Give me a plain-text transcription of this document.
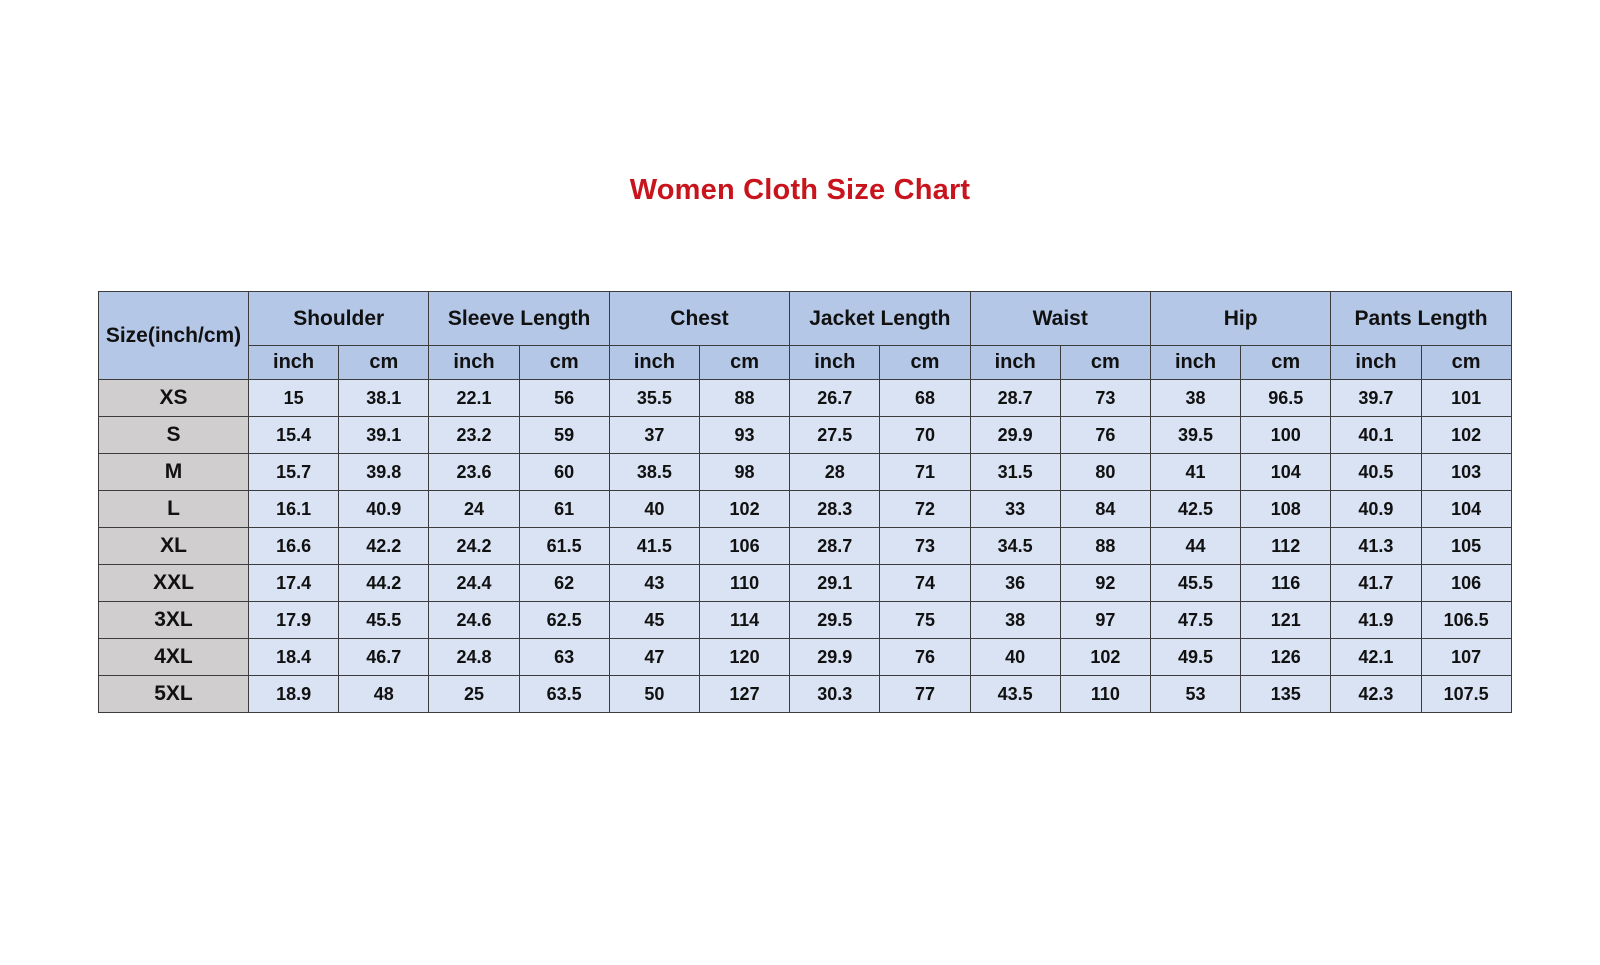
Women Cloth Size Chart
Size(inch/cm)	Shoulder		Sleeve Length		Chest		Jacket Length		Waist		Hip		Pants Length	
	inch	cm	inch	cm	inch	cm	inch	cm	inch	cm	inch	cm	inch	cm
XS	15	38.1	22.1	56	35.5	88	26.7	68	28.7	73	38	96.5	39.7	101
S	15.4	39.1	23.2	59	37	93	27.5	70	29.9	76	39.5	100	40.1	102
M	15.7	39.8	23.6	60	38.5	98	28	71	31.5	80	41	104	40.5	103
L	16.1	40.9	24	61	40	102	28.3	72	33	84	42.5	108	40.9	104
XL	16.6	42.2	24.2	61.5	41.5	106	28.7	73	34.5	88	44	112	41.3	105
XXL	17.4	44.2	24.4	62	43	110	29.1	74	36	92	45.5	116	41.7	106
3XL	17.9	45.5	24.6	62.5	45	114	29.5	75	38	97	47.5	121	41.9	106.5
4XL	18.4	46.7	24.8	63	47	120	29.9	76	40	102	49.5	126	42.1	107
5XL	18.9	48	25	63.5	50	127	30.3	77	43.5	110	53	135	42.3	107.5
